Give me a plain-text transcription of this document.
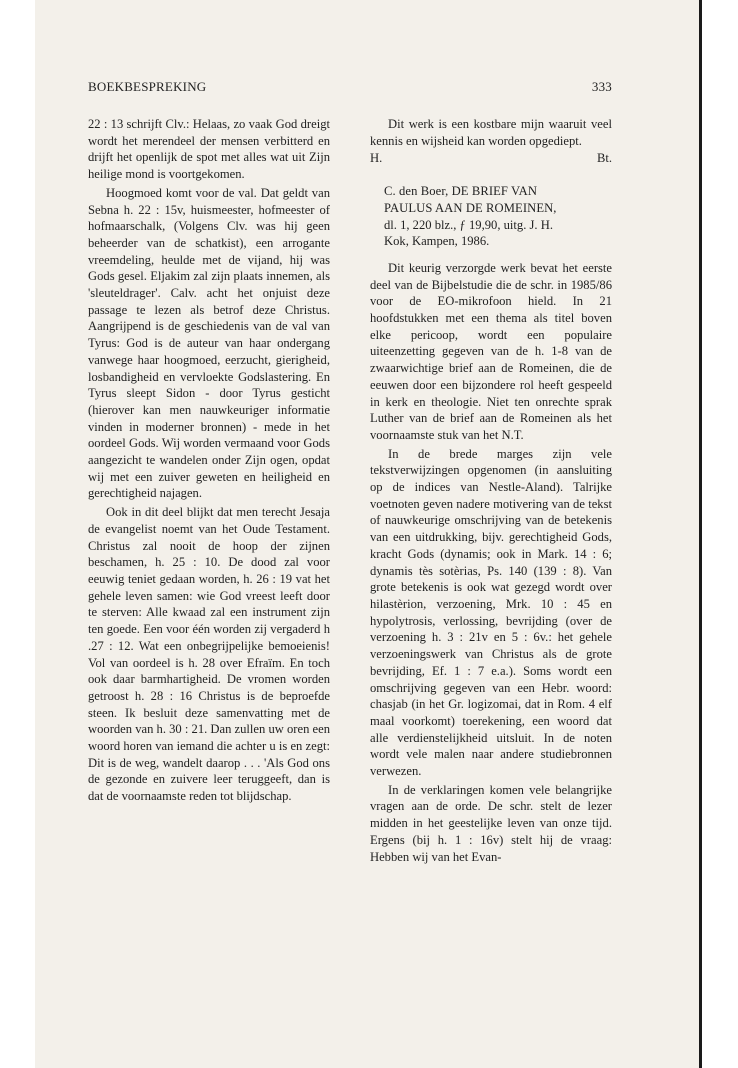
BOEKBESPREKING	333

22 : 13 schrijft Clv.: Helaas, zo vaak God dreigt wordt het merendeel der mensen verbitterd en drijft het openlijk de spot met alles wat uit Zijn heilige mond is voortgekomen.

Hoogmoed komt voor de val. Dat geldt van Sebna h. 22 : 15v, huismeester, hofmeester of hofmaarschalk, (Volgens Clv. was hij geen beheerder van de schatkist), een arrogante vreemdeling, heulde met de vijand, hij was Gods gesel. Eljakim zal zijn plaats innemen, als 'sleuteldrager'. Calv. acht het onjuist deze passage te lezen als betrof deze Christus. Aangrijpend is de geschiedenis van de val van Tyrus: God is de auteur van haar ondergang vanwege haar hoogmoed, eerzucht, gierigheid, losbandigheid en vervloekte Godslastering. En Tyrus sleept Sidon - door Tyrus gesticht (hierover kan men nauwkeuriger informatie vinden in moderner bronnen) - mede in het oordeel Gods. Wij worden vermaand voor Gods aangezicht te wandelen onder Zijn ogen, opdat wij met een zuiver geweten en heiligheid en gerechtigheid najagen.

Ook in dit deel blijkt dat men terecht Jesaja de evangelist noemt van het Oude Testament. Christus zal nooit de hoop der zijnen beschamen, h. 25 : 10. De dood zal voor eeuwig teniet gedaan worden, h. 26 : 19 vat het gehele leven samen: wie God vreest leeft door te sterven: Alle kwaad zal een instrument zijn ten goede. Een voor één worden zij vergaderd h .27 : 12. Wat een onbegrijpelijke bemoeienis! Vol van oordeel is h. 28 over Efraïm. En toch ook daar barmhartigheid. De vromen worden getroost h. 28 : 16 Christus is de beproefde steen. Ik besluit deze samenvatting met de woorden van h. 30 : 21. Dan zullen uw oren een woord horen van iemand die achter u is en zegt: Dit is de weg, wandelt daarop . . . 'Als God ons de gezonde en zuivere leer teruggeeft, dan is dat de voornaamste reden tot blijdschap.

Dit werk is een kostbare mijn waaruit veel kennis en wijsheid kan worden opgediept.

H.	Bt.
C. den Boer, DE BRIEF VAN
PAULUS AAN DE ROMEINEN,
dl. 1, 220 blz., ƒ 19,90, uitg. J. H.
Kok, Kampen, 1986.

Dit keurig verzorgde werk bevat het eerste deel van de Bijbelstudie die de schr. in 1985/86 voor de EO-mikrofoon hield. In 21 hoofdstukken met een thema als titel boven elke pericoop, wordt een populaire uiteenzetting gegeven van de h. 1-8 van de zwaarwichtige brief aan de Romeinen, die de eeuwen door een bijzondere rol heeft gespeeld in kerk en theologie. Niet ten onrechte sprak Luther van de brief aan de Romeinen als het voornaamste stuk van het N.T.

In de brede marges zijn vele tekstverwijzingen opgenomen (in aansluiting op de indices van Nestle-Aland). Talrijke voetnoten geven nadere motivering van de tekst of nauwkeurige omschrijving van de betekenis van een uitdrukking, bijv. gerechtigheid Gods, kracht Gods (dynamis; ook in Mark. 14 : 6; dynamis tès sotèrias, Ps. 140 (139 : 8). Van grote betekenis is ook wat gezegd wordt over hilastèrion, verzoening, Mrk. 10 : 45 en hypolytrosis, verlossing, bevrijding (over de verzoening h. 3 : 21v en 5 : 6v.: het gehele verzoeningswerk van Christus als de grote bevrijding, Ef. 1 : 7 e.a.). Soms wordt een omschrijving gegeven van een Hebr. woord: chasjab (in het Gr. logizomai, dat in Rom. 4 elf maal voorkomt) toerekening, een woord dat alle verdienstelijkheid uitsluit. In de noten wordt vele malen naar andere studiebronnen verwezen.

In de verklaringen komen vele belangrijke vragen aan de orde. De schr. stelt de lezer midden in het geestelijke leven van onze tijd. Ergens (bij h. 1 : 16v) stelt hij de vraag: Hebben wij van het Evan-
